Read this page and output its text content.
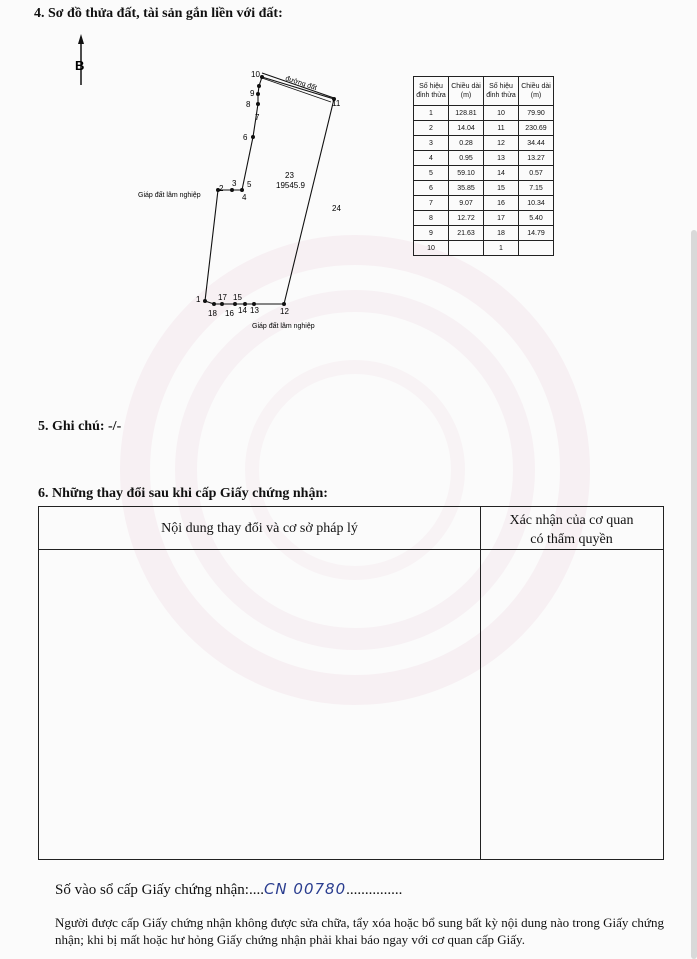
4. Sơ đồ thửa đất, tài sản gắn liền với đất:
B
đường đất
10
9
8
7
6
11
2
3
4
5
1 17 15
18 16 14 13	12
23
19545.9
24
Giáp đất lâm nghiệp
Giáp đất lâm nghiệp
Số hiệu đỉnh thửa	Chiều dài (m)	Số hiệu đỉnh thửa	Chiều dài (m)
1	128.81	10	79.90
2	14.04	11	230.69
3	0.28	12	34.44
4	0.95	13	13.27
5	59.10	14	0.57
6	35.85	15	7.15
7	9.07	16	10.34
8	12.72	17	5.40
9	21.63	18	14.79
10		1	
5. Ghi chú: -/-
6. Những thay đổi sau khi cấp Giấy chứng nhận:
Nội dung thay đổi và cơ sở pháp lý
Xác nhận của cơ quan
có thẩm quyền
Số vào sổ cấp Giấy chứng nhận:....CN 00780...............
Người được cấp Giấy chứng nhận không được sửa chữa, tẩy xóa hoặc bổ sung bất kỳ nội dung nào trong Giấy chứng nhận; khi bị mất hoặc hư hỏng Giấy chứng nhận phải khai báo ngay với cơ quan cấp Giấy.
